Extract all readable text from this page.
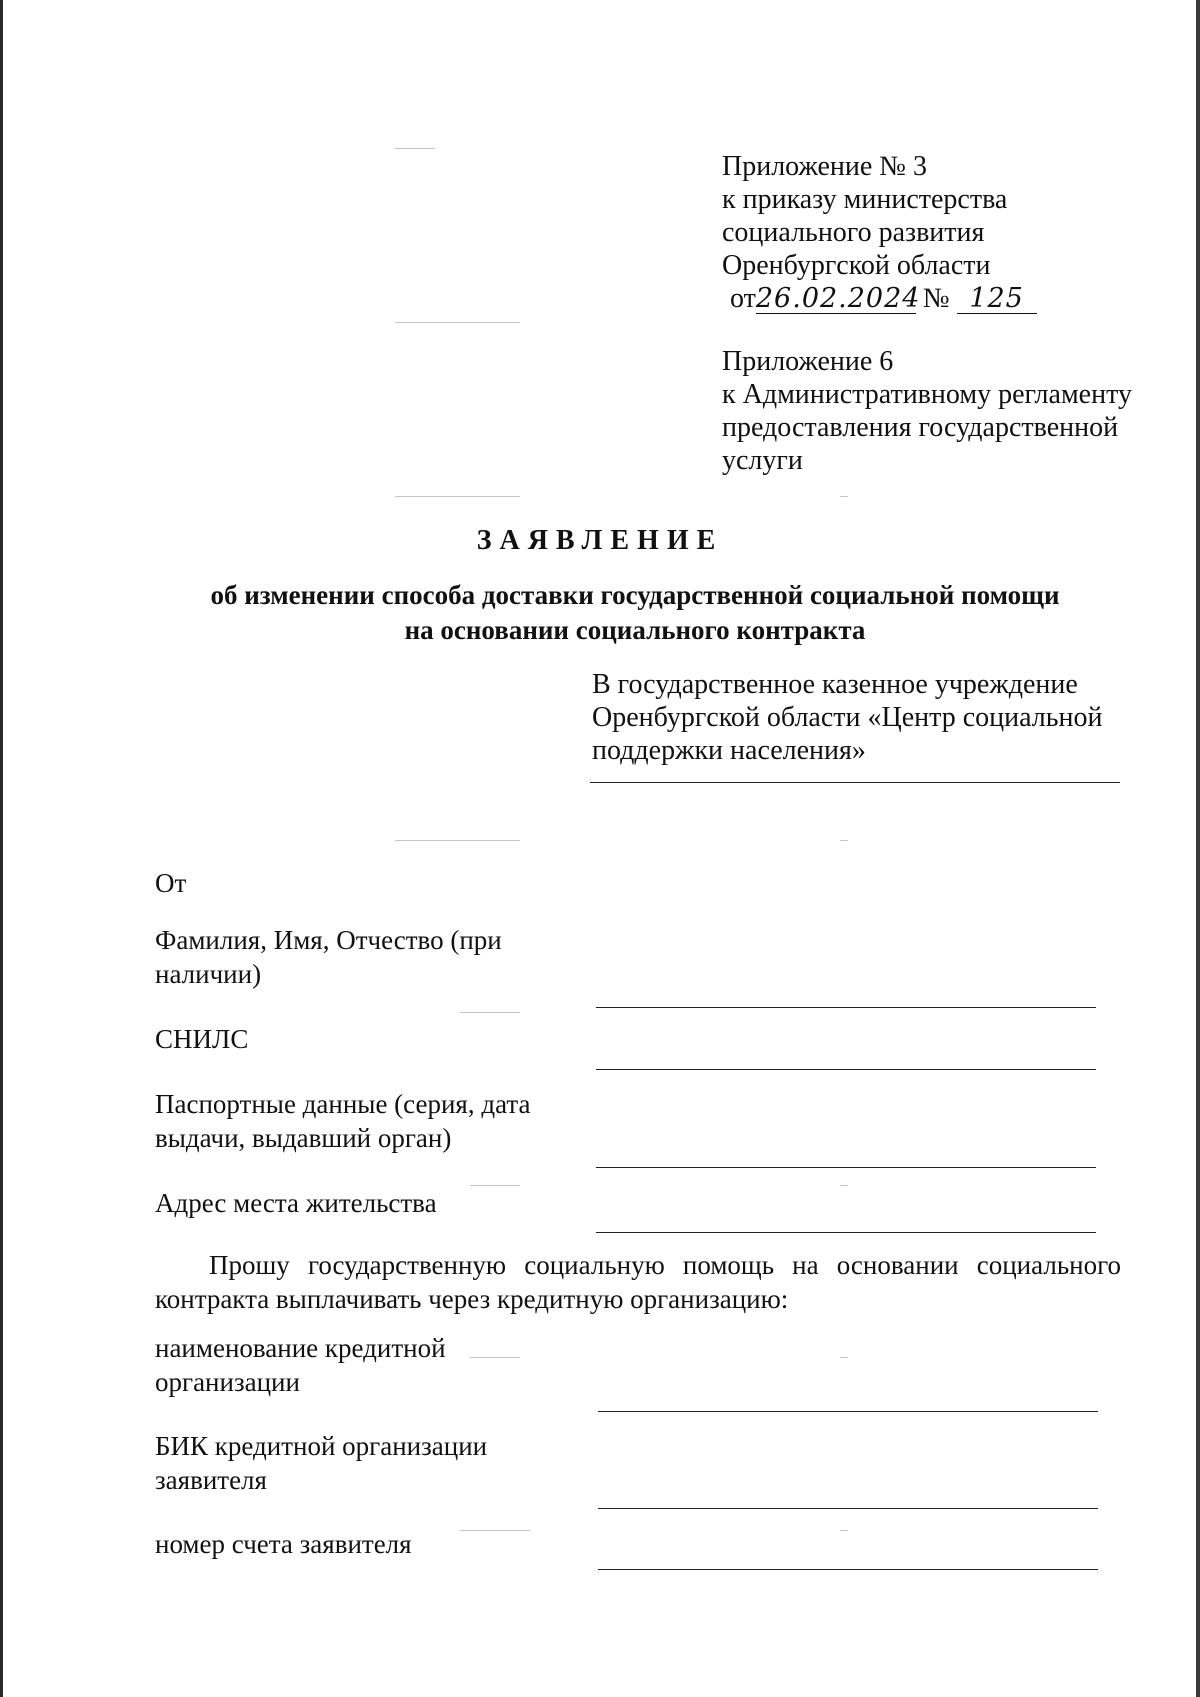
Приложение № 3
к приказу министерства
социального развития
Оренбургской области
от26.02.2024 № 125
Приложение 6
к Административному регламенту
предоставления государственной
услуги
ЗАЯВЛЕНИЕ
об изменении способа доставки государственной социальной помощи
на основании социального контракта
В государственное казенное учреждение
Оренбургской области «Центр социальной
поддержки населения»
От
Фамилия, Имя, Отчество (при
наличии)
СНИЛС
Паспортные данные (серия, дата
выдачи, выдавший орган)
Адрес места жительства
Прошу государственную социальную помощь на основании социального контракта выплачивать через кредитную организацию:
наименование кредитной
организации
БИК кредитной организации
заявителя
номер счета заявителя
